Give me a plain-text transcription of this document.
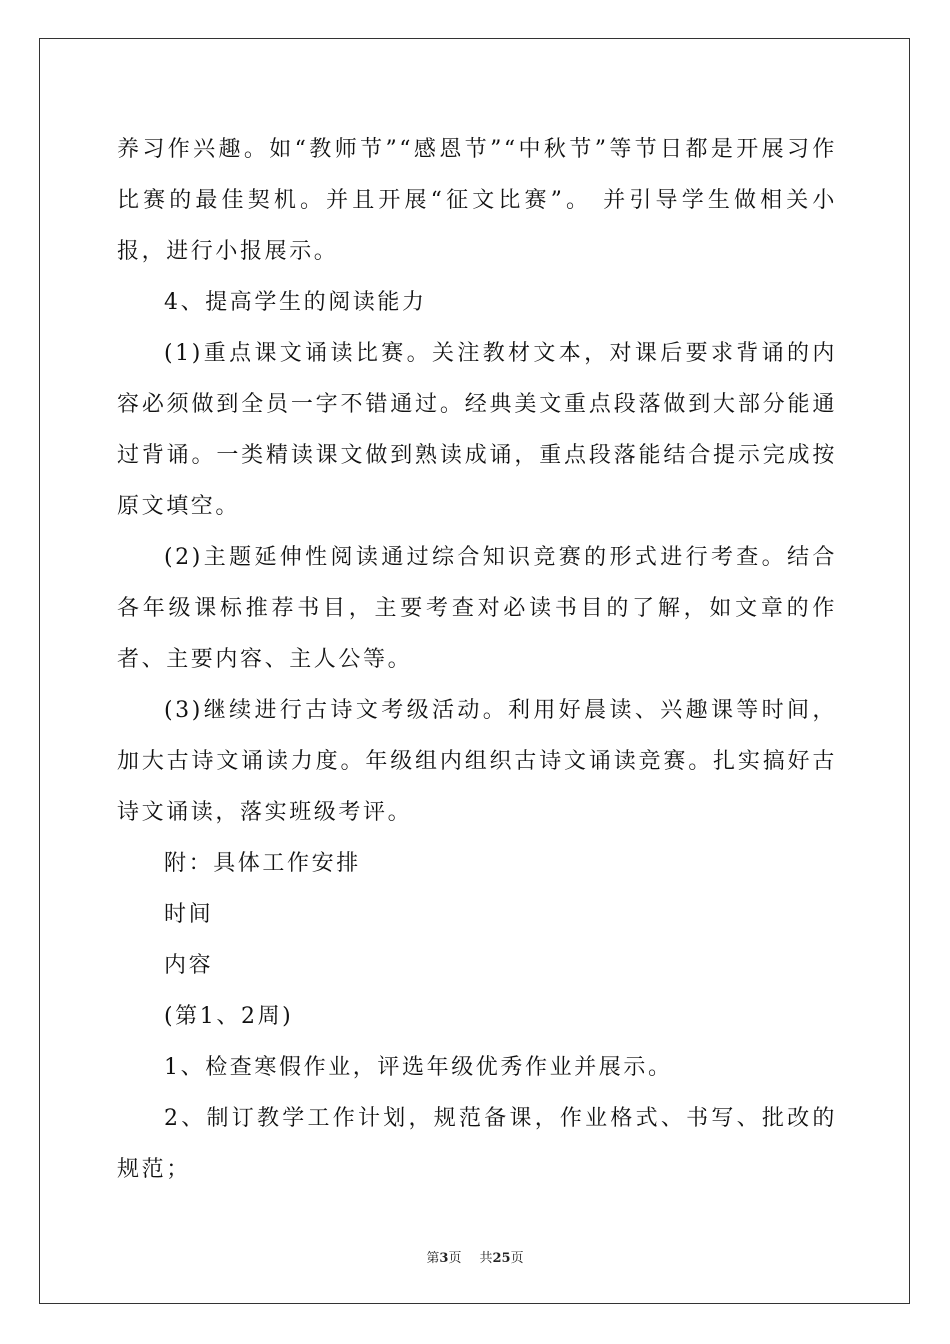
养习作兴趣。如“教师节”“感恩节”“中秋节”等节日都是开展习作比赛的最佳契机。并且开展“征文比赛”。 并引导学生做相关小报，进行小报展示。

4、提高学生的阅读能力

(1)重点课文诵读比赛。关注教材文本，对课后要求背诵的内容必须做到全员一字不错通过。经典美文重点段落做到大部分能通过背诵。一类精读课文做到熟读成诵，重点段落能结合提示完成按原文填空。

(2)主题延伸性阅读通过综合知识竞赛的形式进行考查。结合各年级课标推荐书目，主要考查对必读书目的了解，如文章的作者、主要内容、主人公等。

(3)继续进行古诗文考级活动。利用好晨读、兴趣课等时间，加大古诗文诵读力度。年级组内组织古诗文诵读竞赛。扎实搞好古诗文诵读，落实班级考评。

附：具体工作安排

时间

内容

(第1、2周)

1、检查寒假作业，评选年级优秀作业并展示。

2、制订教学工作计划，规范备课，作业格式、书写、批改的规范；

第3页 共25页
